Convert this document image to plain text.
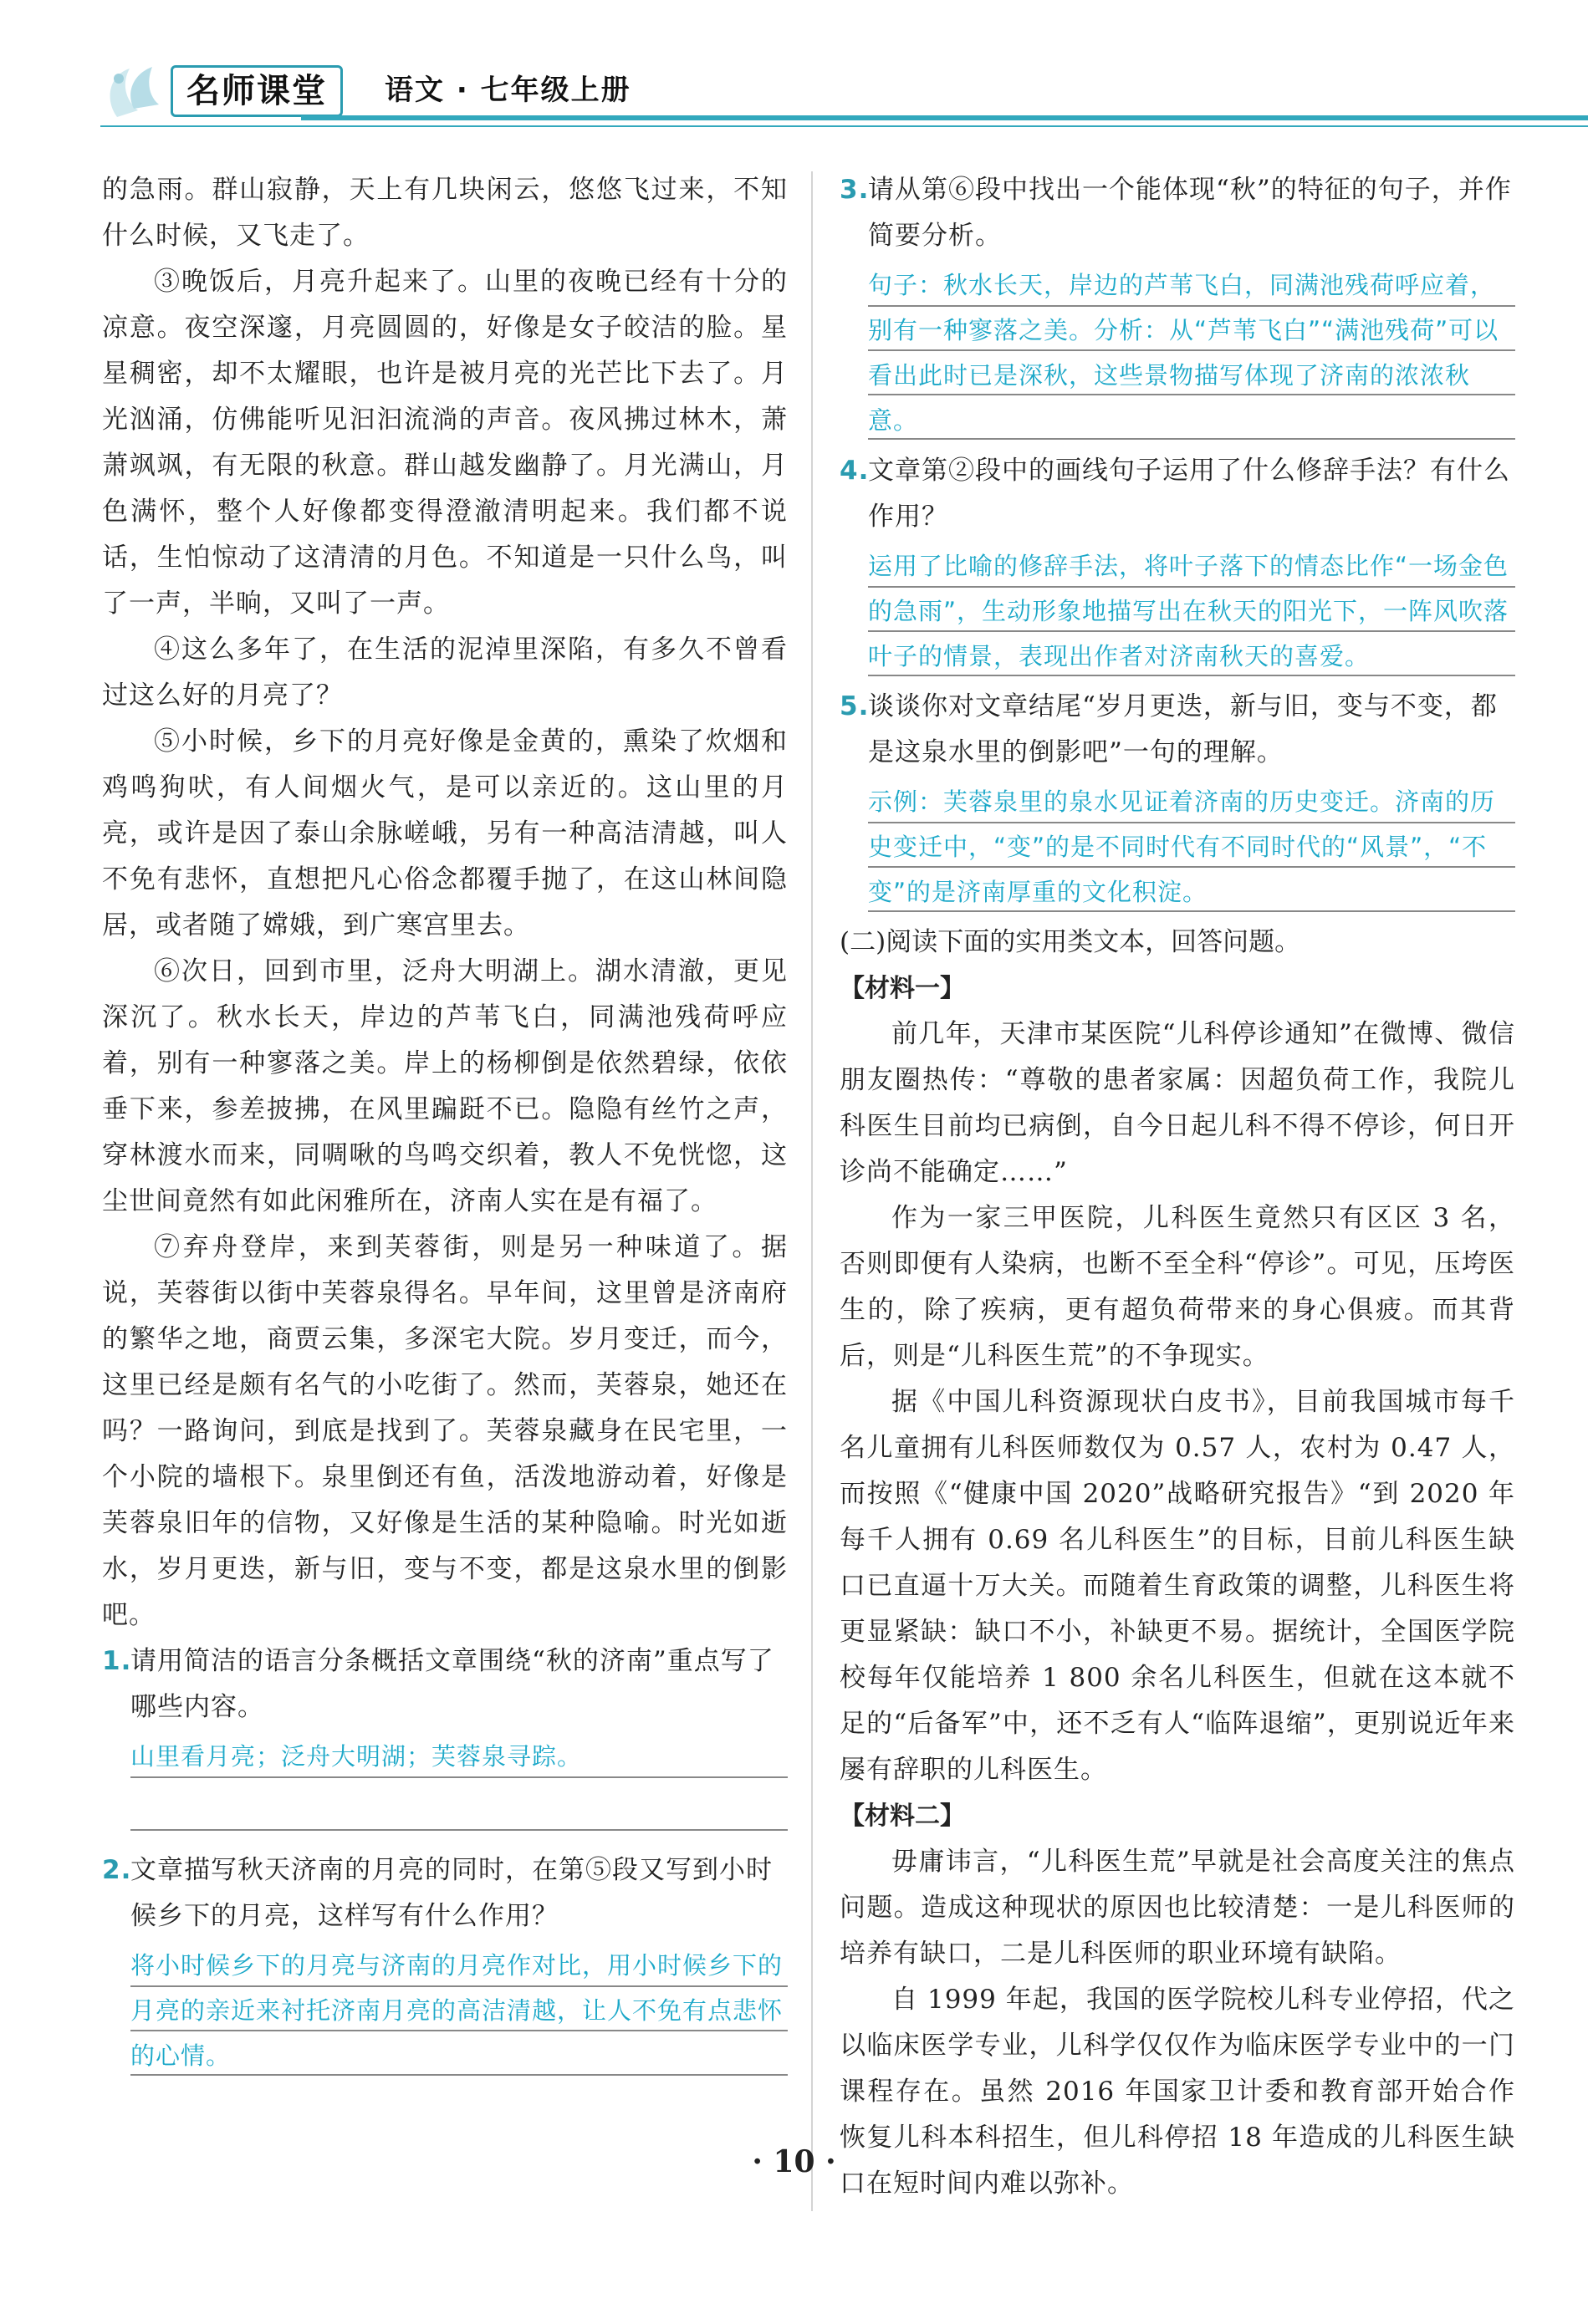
名师课堂	语文 · 七年级上册

的急雨。群山寂静，天上有几块闲云，悠悠飞过来，不知什么时候，又飞走了。

③晚饭后，月亮升起来了。山里的夜晚已经有十分的凉意。夜空深邃，月亮圆圆的，好像是女子皎洁的脸。星星稠密，却不太耀眼，也许是被月亮的光芒比下去了。月光汹涌，仿佛能听见汩汩流淌的声音。夜风拂过林木，萧萧飒飒，有无限的秋意。群山越发幽静了。月光满山，月色满怀，整个人好像都变得澄澈清明起来。我们都不说话，生怕惊动了这清清的月色。不知道是一只什么鸟，叫了一声，半晌，又叫了一声。

④这么多年了，在生活的泥淖里深陷，有多久不曾看过这么好的月亮了？

⑤小时候，乡下的月亮好像是金黄的，熏染了炊烟和鸡鸣狗吠，有人间烟火气，是可以亲近的。这山里的月亮，或许是因了泰山余脉嵯峨，另有一种高洁清越，叫人不免有悲怀，直想把凡心俗念都覆手抛了，在这山林间隐居，或者随了嫦娥，到广寒宫里去。

⑥次日，回到市里，泛舟大明湖上。湖水清澈，更见深沉了。秋水长天，岸边的芦苇飞白，同满池残荷呼应着，别有一种寥落之美。岸上的杨柳倒是依然碧绿，依依垂下来，参差披拂，在风里蹁跹不已。隐隐有丝竹之声，穿林渡水而来，同啁啾的鸟鸣交织着，教人不免恍惚，这尘世间竟然有如此闲雅所在，济南人实在是有福了。

⑦弃舟登岸，来到芙蓉街，则是另一种味道了。据说，芙蓉街以街中芙蓉泉得名。早年间，这里曾是济南府的繁华之地，商贾云集，多深宅大院。岁月变迁，而今，这里已经是颇有名气的小吃街了。然而，芙蓉泉，她还在吗？一路询问，到底是找到了。芙蓉泉藏身在民宅里，一个小院的墙根下。泉里倒还有鱼，活泼地游动着，好像是芙蓉泉旧年的信物，又好像是生活的某种隐喻。时光如逝水，岁月更迭，新与旧，变与不变，都是这泉水里的倒影吧。

1.
请用简洁的语言分条概括文章围绕“秋的济南”重点写了哪些内容。

山里看月亮；泛舟大明湖；芙蓉泉寻踪。

2.
文章描写秋天济南的月亮的同时，在第⑤段又写到小时候乡下的月亮，这样写有什么作用？

将小时候乡下的月亮与济南的月亮作对比，用小时候乡下的月亮的亲近来衬托济南月亮的高洁清越，让人不免有点悲怀的心情。

3.
请从第⑥段中找出一个能体现“秋”的特征的句子，并作简要分析。

句子：秋水长天，岸边的芦苇飞白，同满池残荷呼应着，别有一种寥落之美。分析：从“芦苇飞白”“满池残荷”可以看出此时已是深秋，这些景物描写体现了济南的浓浓秋意。

4.
文章第②段中的画线句子运用了什么修辞手法？有什么作用？

运用了比喻的修辞手法，将叶子落下的情态比作“一场金色的急雨”，生动形象地描写出在秋天的阳光下，一阵风吹落叶子的情景，表现出作者对济南秋天的喜爱。

5.
谈谈你对文章结尾“岁月更迭，新与旧，变与不变，都是这泉水里的倒影吧”一句的理解。

示例：芙蓉泉里的泉水见证着济南的历史变迁。济南的历史变迁中，“变”的是不同时代有不同时代的“风景”，“不变”的是济南厚重的文化积淀。

(二)阅读下面的实用类文本，回答问题。

【材料一】

前几年，天津市某医院“儿科停诊通知”在微博、微信朋友圈热传：“尊敬的患者家属：因超负荷工作，我院儿科医生目前均已病倒，自今日起儿科不得不停诊，何日开诊尚不能确定……”

作为一家三甲医院，儿科医生竟然只有区区 3 名，否则即便有人染病，也断不至全科“停诊”。可见，压垮医生的，除了疾病，更有超负荷带来的身心俱疲。而其背后，则是“儿科医生荒”的不争现实。

据《中国儿科资源现状白皮书》，目前我国城市每千名儿童拥有儿科医师数仅为 0.57 人，农村为 0.47 人，而按照《“健康中国 2020”战略研究报告》“到 2020 年每千人拥有 0.69 名儿科医生”的目标，目前儿科医生缺口已直逼十万大关。而随着生育政策的调整，儿科医生将更显紧缺：缺口不小，补缺更不易。据统计，全国医学院校每年仅能培养 1 800 余名儿科医生，但就在这本就不足的“后备军”中，还不乏有人“临阵退缩”，更别说近年来屡有辞职的儿科医生。

【材料二】

毋庸讳言，“儿科医生荒”早就是社会高度关注的焦点问题。造成这种现状的原因也比较清楚：一是儿科医师的培养有缺口，二是儿科医师的职业环境有缺陷。

自 1999 年起，我国的医学院校儿科专业停招，代之以临床医学专业，儿科学仅仅作为临床医学专业中的一门课程存在。虽然 2016 年国家卫计委和教育部开始合作恢复儿科本科招生，但儿科停招 18 年造成的儿科医生缺口在短时间内难以弥补。

· 10 ·
